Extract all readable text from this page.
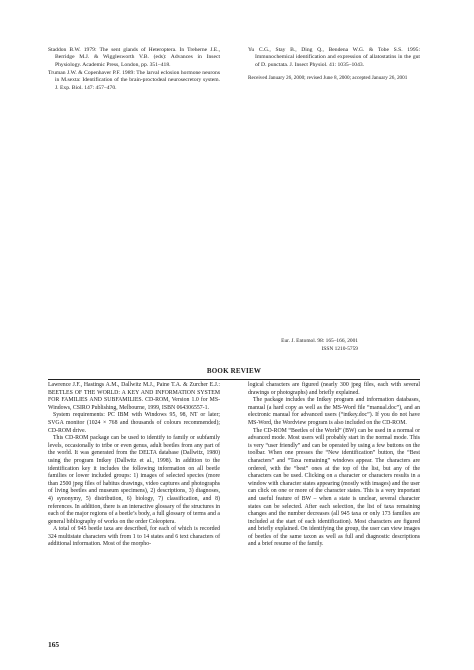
Staddon B.W. 1979: The sent glands of Heteroptera. In Treherne J.E., Berridge M.J. & Wigglesworth V.B. (eds): Advances in Insect Physiology. Academic Press, London, pp. 351–418.

Truman J.W. & Copenhaver P.F. 1989: The larval eclosion hormone neurons in M.sexta: Identification of the brain-proctodeal neurosecretory system. J. Exp. Biol. 147: 457–470.

Yu C.G., Stay B., Ding Q., Bendena W.G. & Tobe S.S. 1995: Immunochemical identification and expression of allatostatins in the gut of D. punctata. J. Insect Physiol. 41: 1035–1043.

Received January 26, 2000; revised June 8, 2000; accepted January 26, 2001
Eur. J. Entomol. 98: 165–166, 2001
ISSN 1210-5759
BOOK REVIEW

Lawrence J.F., Hastings A.M., Dallwitz M.J., Paine T.A. & Zurcher E.J.: BEETLES OF THE WORLD: A KEY AND INFORMATION SYSTEM FOR FAMILIES AND SUBFAMILIES. CD-ROM, Version 1.0 for MS-Windows, CSIRO Publishing, Melbourne, 1999, ISBN 064306557-1.

System requirements: PC IBM with Windows 95, 98, NT or later; SVGA monitor (1024 × 768 and thousands of colours recommended); CD-ROM drive.

This CD-ROM package can be used to identify to family or subfamily levels, occasionally to tribe or even genus, adult beetles from any part of the world. It was generated from the DELTA database (Dallwitz, 1980) using the program Intkey (Dallwitz et al., 1998). In addition to the identification key it includes the following information on all beetle families or lower included groups: 1) images of selected species (more than 2500 jpeg files of habitus drawings, video captures and photographs of living beetles and museum specimens), 2) descriptions, 3) diagnoses, 4) synonymy, 5) distribution, 6) biology, 7) classification, and 8) references. In addition, there is an interactive glossary of the structures in each of the major regions of a beetle’s body, a full glossary of terms and a general bibliography of works on the order Coleoptera.

A total of 945 beetle taxa are described, for each of which is recorded 324 multistate characters with from 1 to 14 states and 6 text characters of additional information. Most of the morpho-

logical characters are figured (nearly 300 jpeg files, each with several drawings or photographs) and briefly explained.

The package includes the Intkey program and information databases, manual (a hard copy as well as the MS-Word file “manual.doc”), and an electronic manual for advanced users (“intkey.doc”). If you do not have MS-Word, the Wordview program is also included on the CD-ROM.

The CD-ROM “Beetles of the World” (BW) can be used in a normal or advanced mode. Most users will probably start in the normal mode. This is very “user friendly” and can be operated by using a few buttons on the toolbar. When one presses the “New identification” button, the “Best characters” and “Taxa remaining” windows appear. The characters are ordered, with the “best” ones at the top of the list, but any of the characters can be used. Clicking on a character or characters results in a window with character states appearing (mostly with images) and the user can click on one or more of the character states. This is a very important and useful feature of BW – when a state is unclear, several character states can be selected. After each selection, the list of taxa remaining changes and the number decreases (all 945 taxa or only 173 families are included at the start of each identification). Most characters are figured and briefly explained. On identifying the group, the user can view images of beetles of the same taxon as well as full and diagnostic descriptions and a brief resume of the family.

165
